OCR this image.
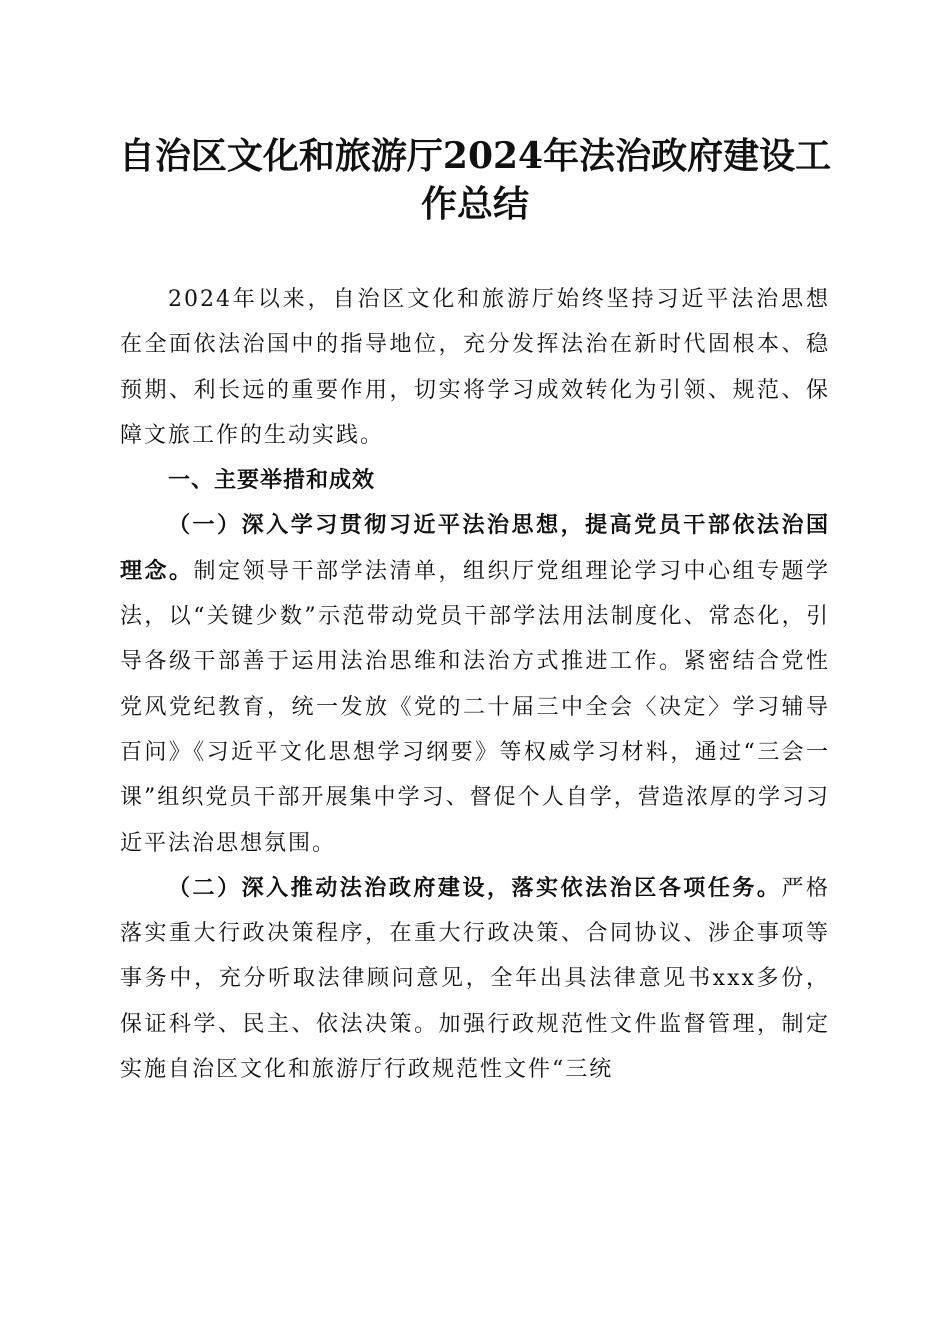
自治区文化和旅游厅2024年法治政府建设工
作总结

2024年以来，自治区文化和旅游厅始终坚持习近平法治思想在全面依法治国中的指导地位，充分发挥法治在新时代固根本、稳预期、利长远的重要作用，切实将学习成效转化为引领、规范、保障文旅工作的生动实践。

一、主要举措和成效

（一）深入学习贯彻习近平法治思想，提高党员干部依法治国理念。制定领导干部学法清单，组织厅党组理论学习中心组专题学法，以“关键少数”示范带动党员干部学法用法制度化、常态化，引导各级干部善于运用法治思维和法治方式推进工作。紧密结合党性党风党纪教育，统一发放《党的二十届三中全会〈决定〉学习辅导百问》《习近平文化思想学习纲要》等权威学习材料，通过“三会一课”组织党员干部开展集中学习、督促个人自学，营造浓厚的学习习近平法治思想氛围。

（二）深入推动法治政府建设，落实依法治区各项任务。严格落实重大行政决策程序，在重大行政决策、合同协议、涉企事项等事务中，充分听取法律顾问意见，全年出具法律意见书xxx多份，保证科学、民主、依法决策。加强行政规范性文件监督管理，制定实施自治区文化和旅游厅行政规范性文件“三统
